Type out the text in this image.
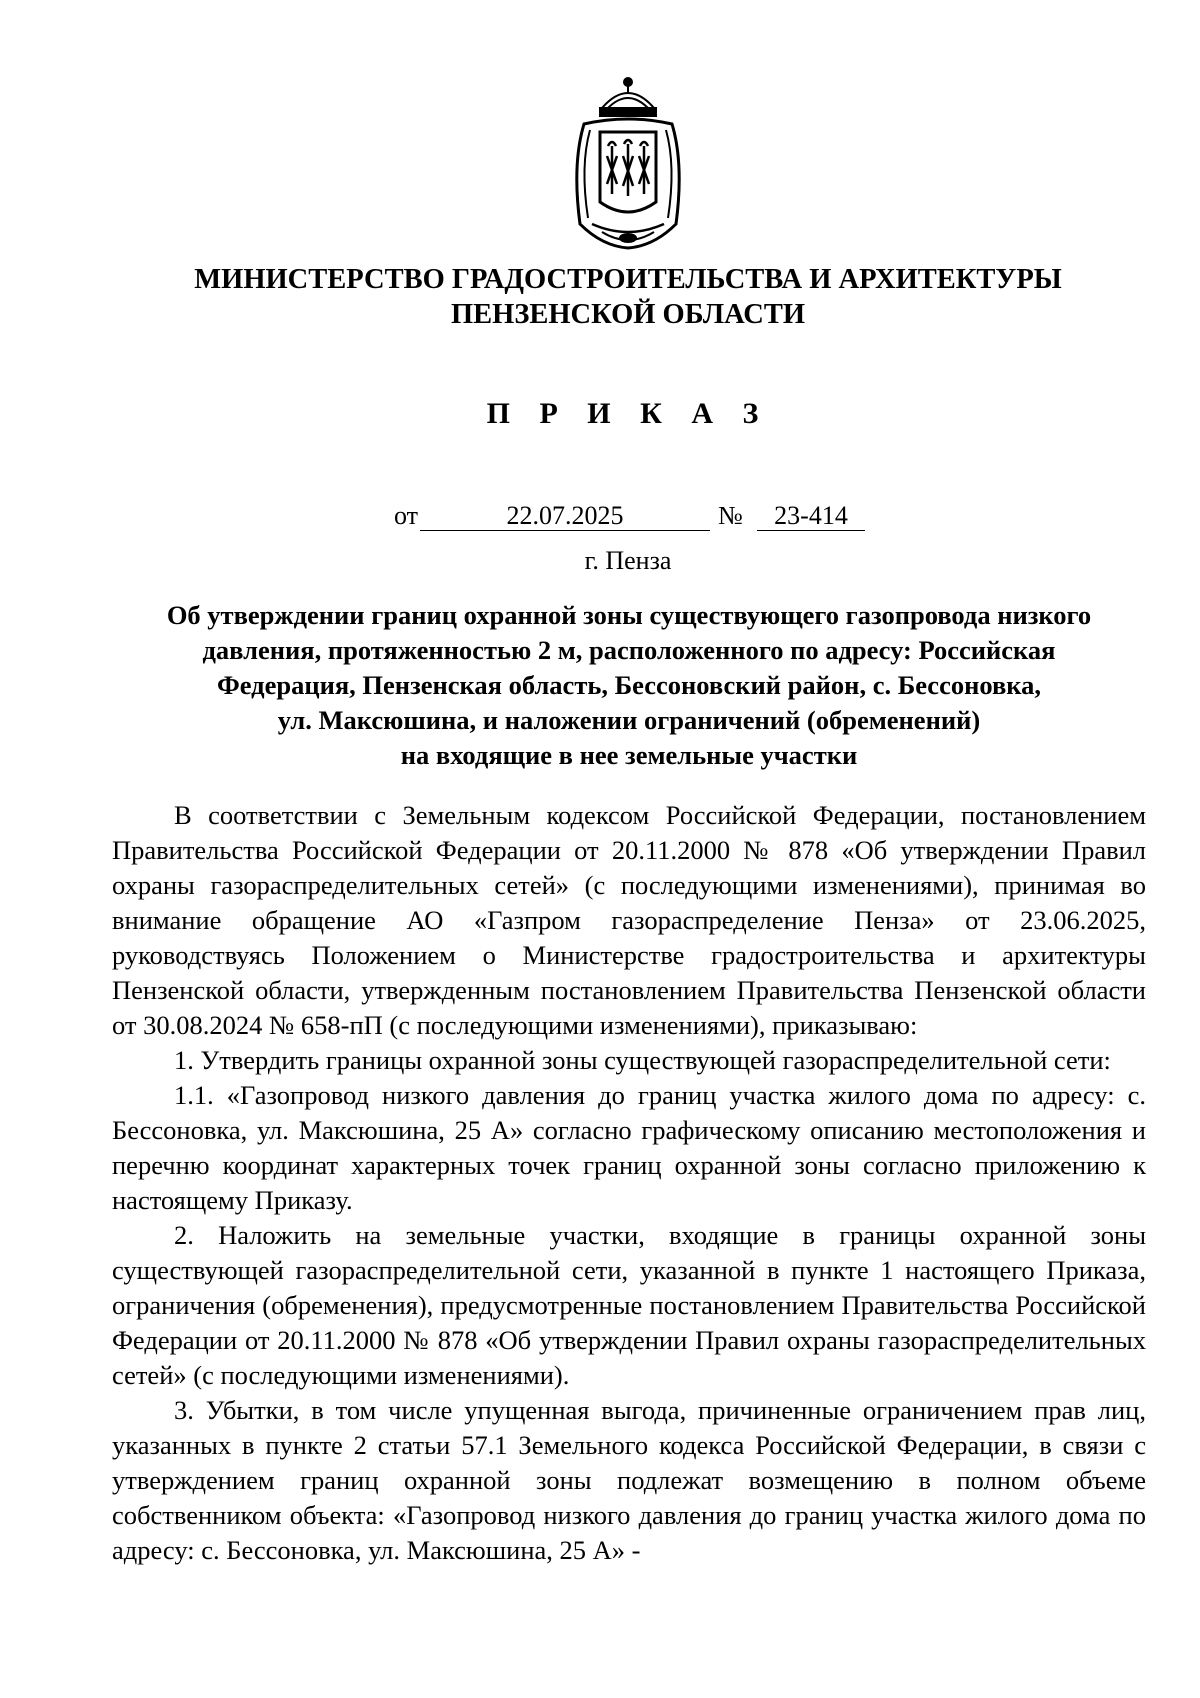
МИНИСТЕРСТВО ГРАДОСТРОИТЕЛЬСТВА И АРХИТЕКТУРЫ
ПЕНЗЕНСКОЙ ОБЛАСТИ
П Р И К А З
от	22.07.2025	№	23-414
г. Пенза
Об утверждении границ охранной зоны существующего газопровода низкого
давления, протяженностью 2 м, расположенного по адресу: Российская
Федерация, Пензенская область, Бессоновский район, с. Бессоновка,
ул. Максюшина, и наложении ограничений (обременений)
на входящие в нее земельные участки

В соответствии с Земельным кодексом Российской Федерации, постановлением Правительства Российской Федерации от 20.11.2000 № 878 «Об утверждении Правил охраны газораспределительных сетей» (с последующими изменениями), принимая во внимание обращение АО «Газпром газораспределение Пенза» от 23.06.2025, руководствуясь Положением о Министерстве градостроительства и архитектуры Пензенской области, утвержденным постановлением Правительства Пензенской области от 30.08.2024 № 658-пП (с последующими изменениями), приказываю:

1. Утвердить границы охранной зоны существующей газораспределительной сети:

1.1. «Газопровод низкого давления до границ участка жилого дома по адресу: с. Бессоновка, ул. Максюшина, 25 А» согласно графическому описанию местоположения и перечню координат характерных точек границ охранной зоны согласно приложению к настоящему Приказу.

2. Наложить на земельные участки, входящие в границы охранной зоны существующей газораспределительной сети, указанной в пункте 1 настоящего Приказа, ограничения (обременения), предусмотренные постановлением Правительства Российской Федерации от 20.11.2000 № 878 «Об утверждении Правил охраны газораспределительных сетей» (с последующими изменениями).

3. Убытки, в том числе упущенная выгода, причиненные ограничением прав лиц, указанных в пункте 2 статьи 57.1 Земельного кодекса Российской Федерации, в связи с утверждением границ охранной зоны подлежат возмещению в полном объеме собственником объекта: «Газопровод низкого давления до границ участка жилого дома по адресу: с. Бессоновка, ул. Максюшина, 25 А» -
